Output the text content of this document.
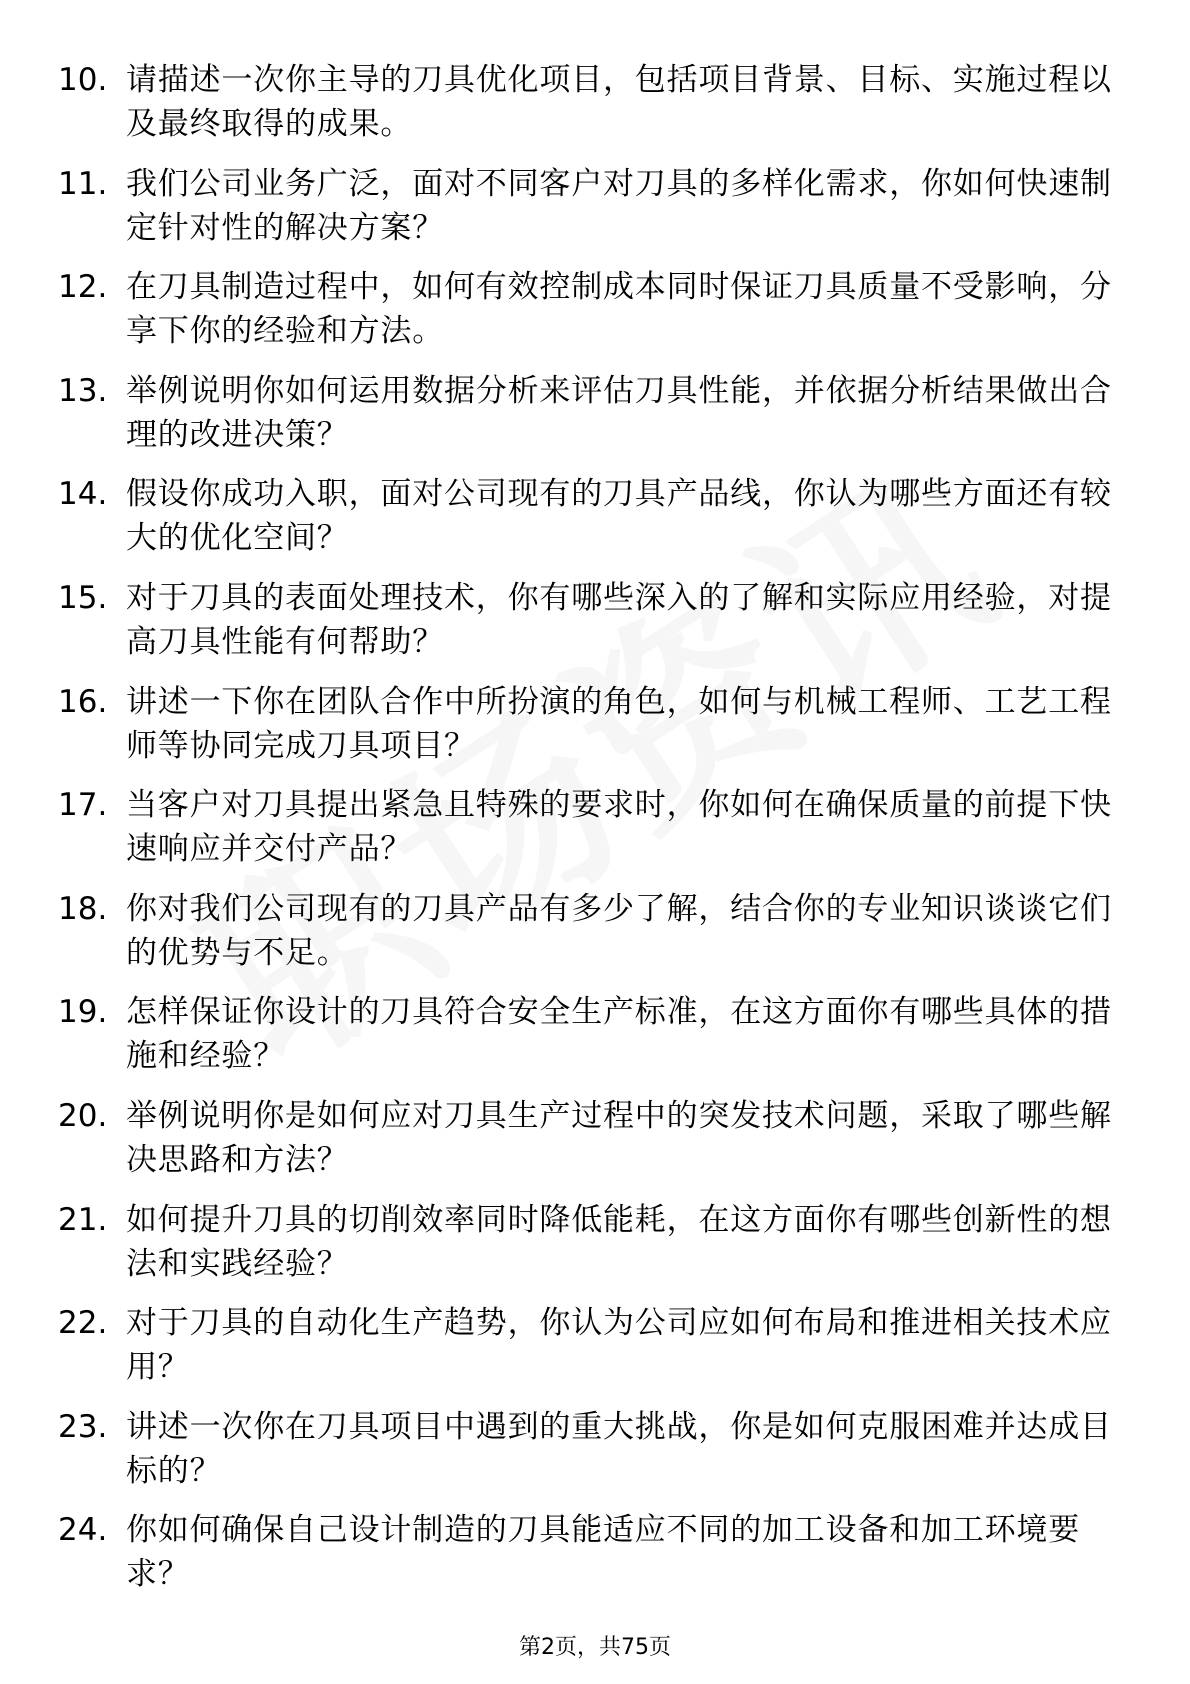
10. 请描述一次你主导的刀具优化项目，包括项目背景、目标、实施过程以及最终取得的成果。
11. 我们公司业务广泛，面对不同客户对刀具的多样化需求，你如何快速制定针对性的解决方案？
12. 在刀具制造过程中，如何有效控制成本同时保证刀具质量不受影响，分享下你的经验和方法。
13. 举例说明你如何运用数据分析来评估刀具性能，并依据分析结果做出合理的改进决策？
14. 假设你成功入职，面对公司现有的刀具产品线，你认为哪些方面还有较大的优化空间？
15. 对于刀具的表面处理技术，你有哪些深入的了解和实际应用经验，对提高刀具性能有何帮助？
16. 讲述一下你在团队合作中所扮演的角色，如何与机械工程师、工艺工程师等协同完成刀具项目？
17. 当客户对刀具提出紧急且特殊的要求时，你如何在确保质量的前提下快速响应并交付产品？
18. 你对我们公司现有的刀具产品有多少了解，结合你的专业知识谈谈它们的优势与不足。
19. 怎样保证你设计的刀具符合安全生产标准，在这方面你有哪些具体的措施和经验？
20. 举例说明你是如何应对刀具生产过程中的突发技术问题，采取了哪些解决思路和方法？
21. 如何提升刀具的切削效率同时降低能耗，在这方面你有哪些创新性的想法和实践经验？
22. 对于刀具的自动化生产趋势，你认为公司应如何布局和推进相关技术应用？
23. 讲述一次你在刀具项目中遇到的重大挑战，你是如何克服困难并达成目标的？
24. 你如何确保自己设计制造的刀具能适应不同的加工设备和加工环境要求？
第2页，共75页
